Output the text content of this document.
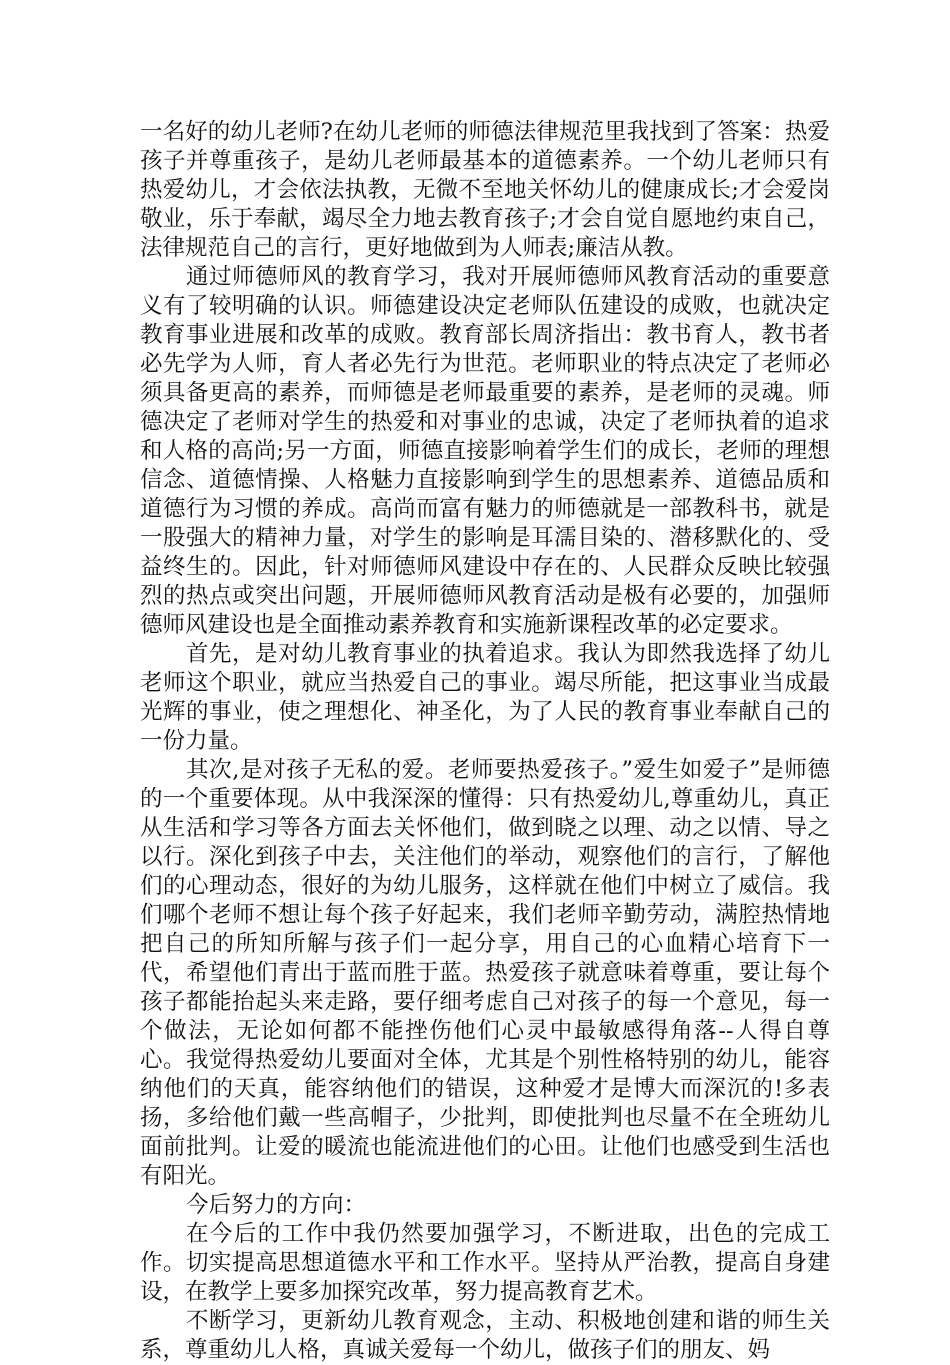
一名好的幼儿老师?在幼儿老师的师德法律规范里我找到了答案：热爱孩子并尊重孩子，是幼儿老师最基本的道德素养。一个幼儿老师只有热爱幼儿，才会依法执教，无微不至地关怀幼儿的健康成长;才会爱岗敬业，乐于奉献，竭尽全力地去教育孩子;才会自觉自愿地约束自己，法律规范自己的言行，更好地做到为人师表;廉洁从教。

通过师德师风的教育学习，我对开展师德师风教育活动的重要意义有了较明确的认识。师德建设决定老师队伍建设的成败，也就决定教育事业进展和改革的成败。教育部长周济指出：教书育人，教书者必先学为人师，育人者必先行为世范。老师职业的特点决定了老师必须具备更高的素养，而师德是老师最重要的素养，是老师的灵魂。师德决定了老师对学生的热爱和对事业的忠诚，决定了老师执着的追求和人格的高尚;另一方面，师德直接影响着学生们的成长，老师的理想信念、道德情操、人格魅力直接影响到学生的思想素养、道德品质和道德行为习惯的养成。高尚而富有魅力的师德就是一部教科书，就是一股强大的精神力量，对学生的影响是耳濡目染的、潜移默化的、受益终生的。因此，针对师德师风建设中存在的、人民群众反映比较强烈的热点或突出问题，开展师德师风教育活动是极有必要的，加强师德师风建设也是全面推动素养教育和实施新课程改革的必定要求。

首先，是对幼儿教育事业的执着追求。我认为即然我选择了幼儿老师这个职业，就应当热爱自己的事业。竭尽所能，把这事业当成最光辉的事业，使之理想化、神圣化，为了人民的教育事业奉献自己的一份力量。

其次,是对孩子无私的爱。老师要热爱孩子。”爱生如爱子”是师德的一个重要体现。从中我深深的懂得：只有热爱幼儿,尊重幼儿，真正从生活和学习等各方面去关怀他们，做到晓之以理、动之以情、导之以行。深化到孩子中去，关注他们的举动，观察他们的言行，了解他们的心理动态，很好的为幼儿服务，这样就在他们中树立了威信。我们哪个老师不想让每个孩子好起来，我们老师辛勤劳动，满腔热情地把自己的所知所解与孩子们一起分享，用自己的心血精心培育下一代，希望他们青出于蓝而胜于蓝。热爱孩子就意味着尊重，要让每个孩子都能抬起头来走路，要仔细考虑自己对孩子的每一个意见，每一个做法，无论如何都不能挫伤他们心灵中最敏感得角落--人得自尊心。我觉得热爱幼儿要面对全体，尤其是个别性格特别的幼儿，能容纳他们的天真，能容纳他们的错误，这种爱才是博大而深沉的!多表扬，多给他们戴一些高帽子，少批判，即使批判也尽量不在全班幼儿面前批判。让爱的暖流也能流进他们的心田。让他们也感受到生活也有阳光。

今后努力的方向：

在今后的工作中我仍然要加强学习，不断进取，出色的完成工作。切实提高思想道德水平和工作水平。坚持从严治教，提高自身建设，在教学上要多加探究改革，努力提高教育艺术。

不断学习，更新幼儿教育观念，主动、积极地创建和谐的师生关系，尊重幼儿人格，真诚关爱每一个幼儿，做孩子们的朋友、妈
